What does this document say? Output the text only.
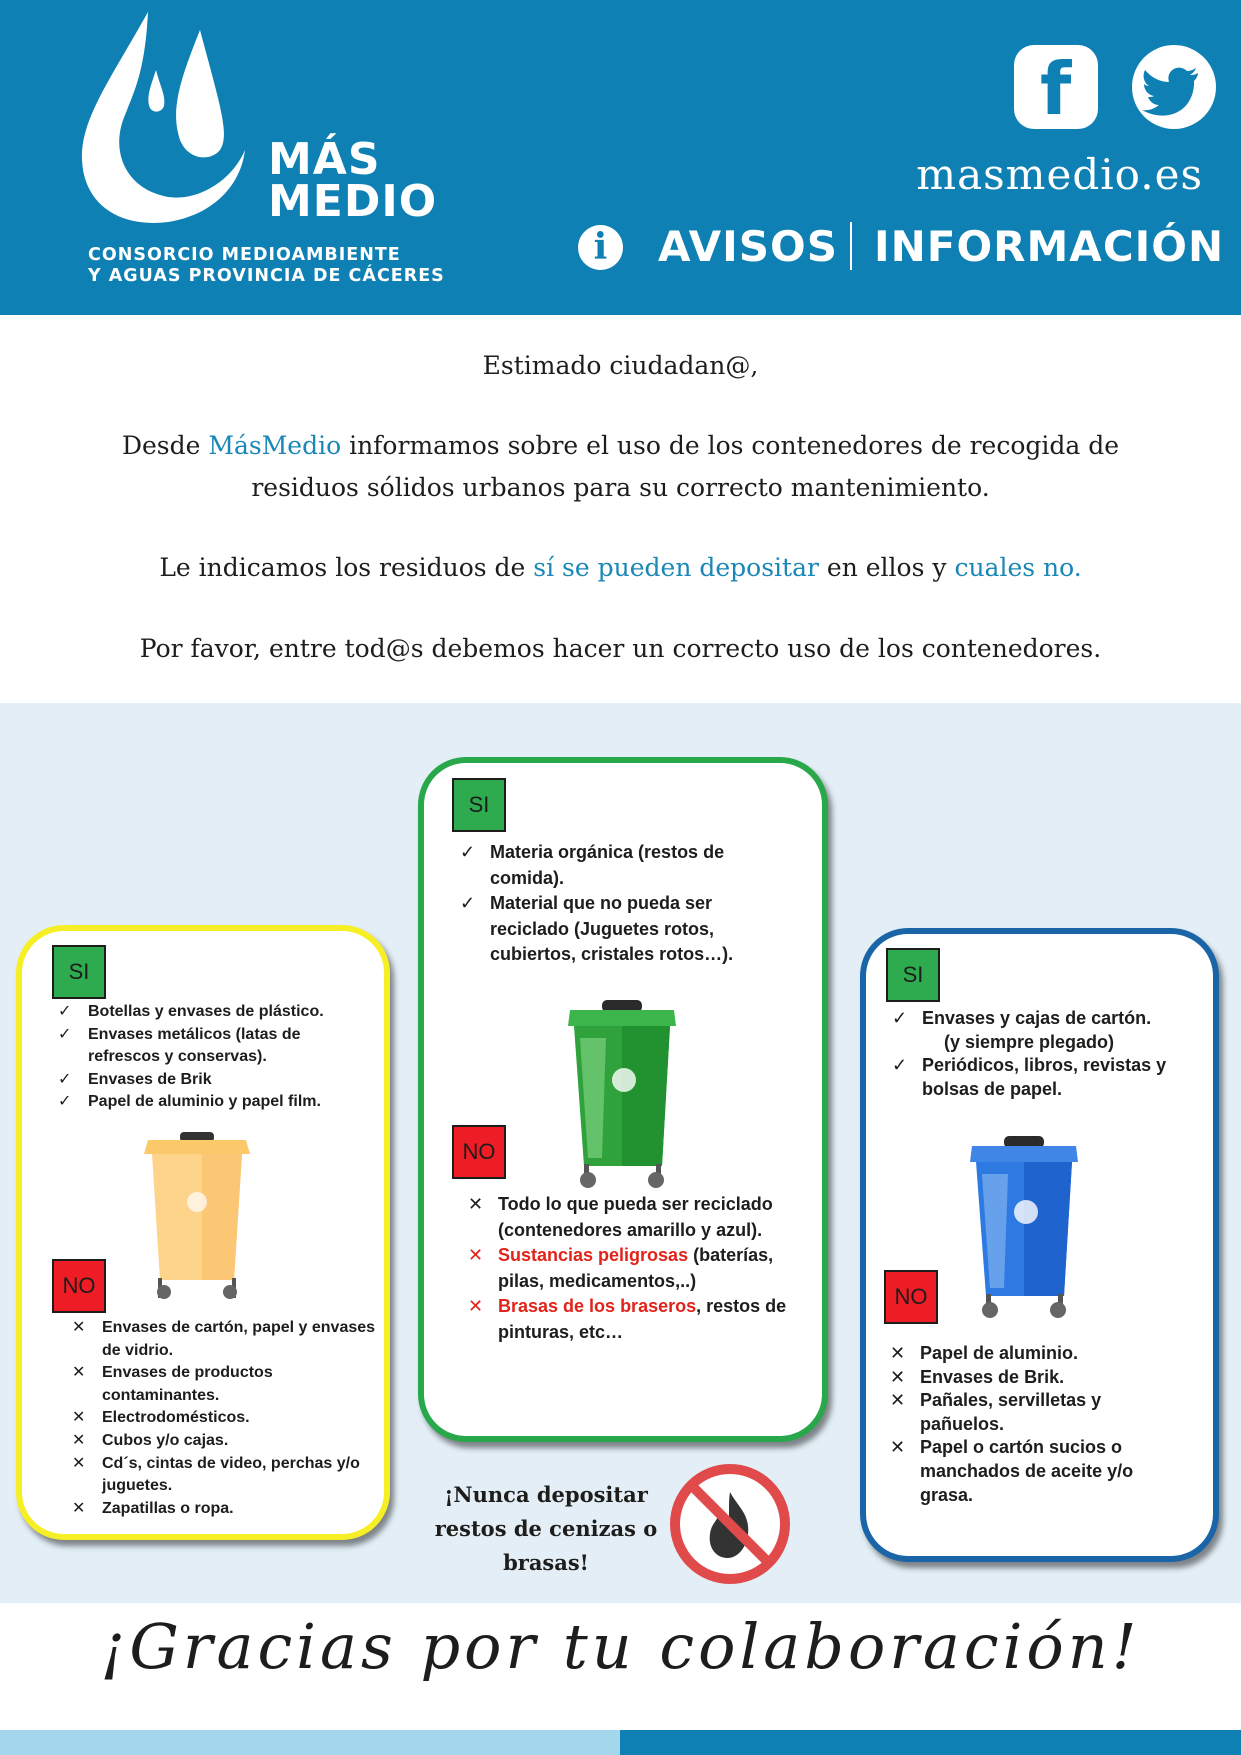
MÁS
MEDIO
CONSORCIO MEDIOAMBIENTE
Y AGUAS PROVINCIA DE CÁCERES
f
masmedio.es
i	AVISOS INFORMACIÓN
Estimado ciudadan@,
Desde MásMedio informamos sobre el uso de los contenedores de recogida de
residuos sólidos urbanos para su correcto mantenimiento.
Le indicamos los residuos de sí se pueden depositar en ellos y cuales no.
Por favor, entre tod@s debemos hacer un correcto uso de los contenedores.
SI
✓ Botellas y envases de plástico.
✓ Envases metálicos (latas de refrescos y conservas).
✓ Envases de Brik
✓ Papel de aluminio y papel film.
NO
✕ Envases de cartón, papel y envases de vidrio.
✕ Envases de productos contaminantes.
✕ Electrodomésticos.
✕ Cubos y/o cajas.
✕ Cd´s, cintas de video, perchas y/o juguetes.
✕ Zapatillas o ropa.
SI
✓ Materia orgánica (restos de comida).
✓ Material que no pueda ser reciclado (Juguetes rotos, cubiertos, cristales rotos…).
NO
✕ Todo lo que pueda ser reciclado (contenedores amarillo y azul).
✕ Sustancias peligrosas (baterías, pilas, medicamentos,..)
✕ Brasas de los braseros, restos de pinturas, etc…
SI
✓ Envases y cajas de cartón.
(y siempre plegado)
✓ Periódicos, libros, revistas y bolsas de papel.
NO
✕ Papel de aluminio.
✕ Envases de Brik.
✕ Pañales, servilletas y pañuelos.
✕ Papel o cartón sucios o manchados de aceite y/o grasa.
¡Nunca depositar
restos de cenizas o
brasas!
¡Gracias por tu colaboración!
